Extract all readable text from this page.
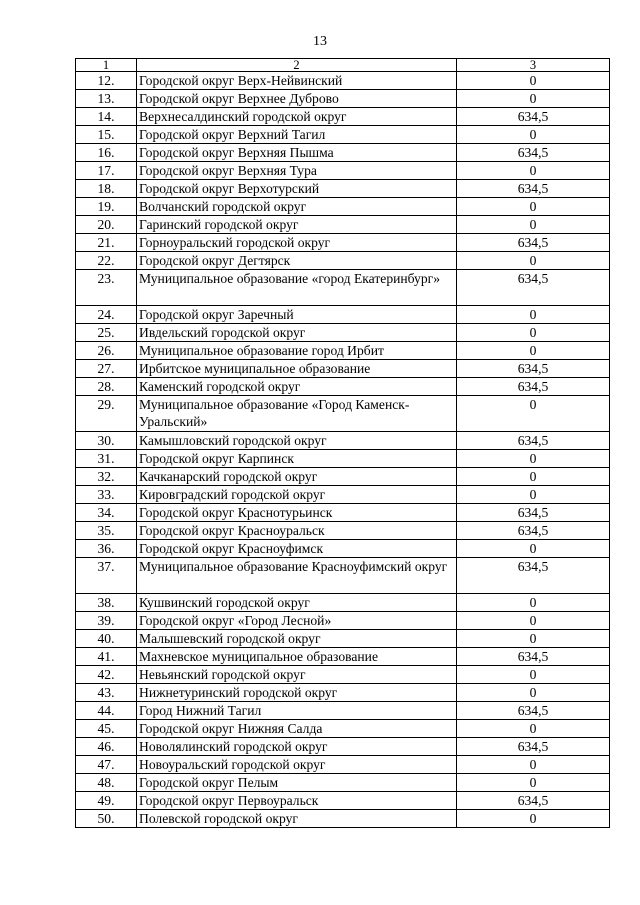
13
1	2	3
12.	Городской округ Верх-Нейвинский	0
13.	Городской округ Верхнее Дуброво	0
14.	Верхнесалдинский городской округ	634,5
15.	Городской округ Верхний Тагил	0
16.	Городской округ Верхняя Пышма	634,5
17.	Городской округ Верхняя Тура	0
18.	Городской округ Верхотурский	634,5
19.	Волчанский городской округ	0
20.	Гаринский городской округ	0
21.	Горноуральский городской округ	634,5
22.	Городской округ Дегтярск	0
23.	Муниципальное образование «город Екатеринбург»	634,5
24.	Городской округ Заречный	0
25.	Ивдельский городской округ	0
26.	Муниципальное образование город Ирбит	0
27.	Ирбитское муниципальное образование	634,5
28.	Каменский городской округ	634,5
29.	Муниципальное образование «Город Каменск-Уральский»	0
30.	Камышловский городской округ	634,5
31.	Городской округ Карпинск	0
32.	Качканарский городской округ	0
33.	Кировградский городской округ	0
34.	Городской округ Краснотурьинск	634,5
35.	Городской округ Красноуральск	634,5
36.	Городской округ Красноуфимск	0
37.	Муниципальное образование Красноуфимский округ	634,5
38.	Кушвинский городской округ	0
39.	Городской округ «Город Лесной»	0
40.	Малышевский городской округ	0
41.	Махневское муниципальное образование	634,5
42.	Невьянский городской округ	0
43.	Нижнетуринский городской округ	0
44.	Город Нижний Тагил	634,5
45.	Городской округ Нижняя Салда	0
46.	Новолялинский городской округ	634,5
47.	Новоуральский городской округ	0
48.	Городской округ Пелым	0
49.	Городской округ Первоуральск	634,5
50.	Полевской городской округ	0
